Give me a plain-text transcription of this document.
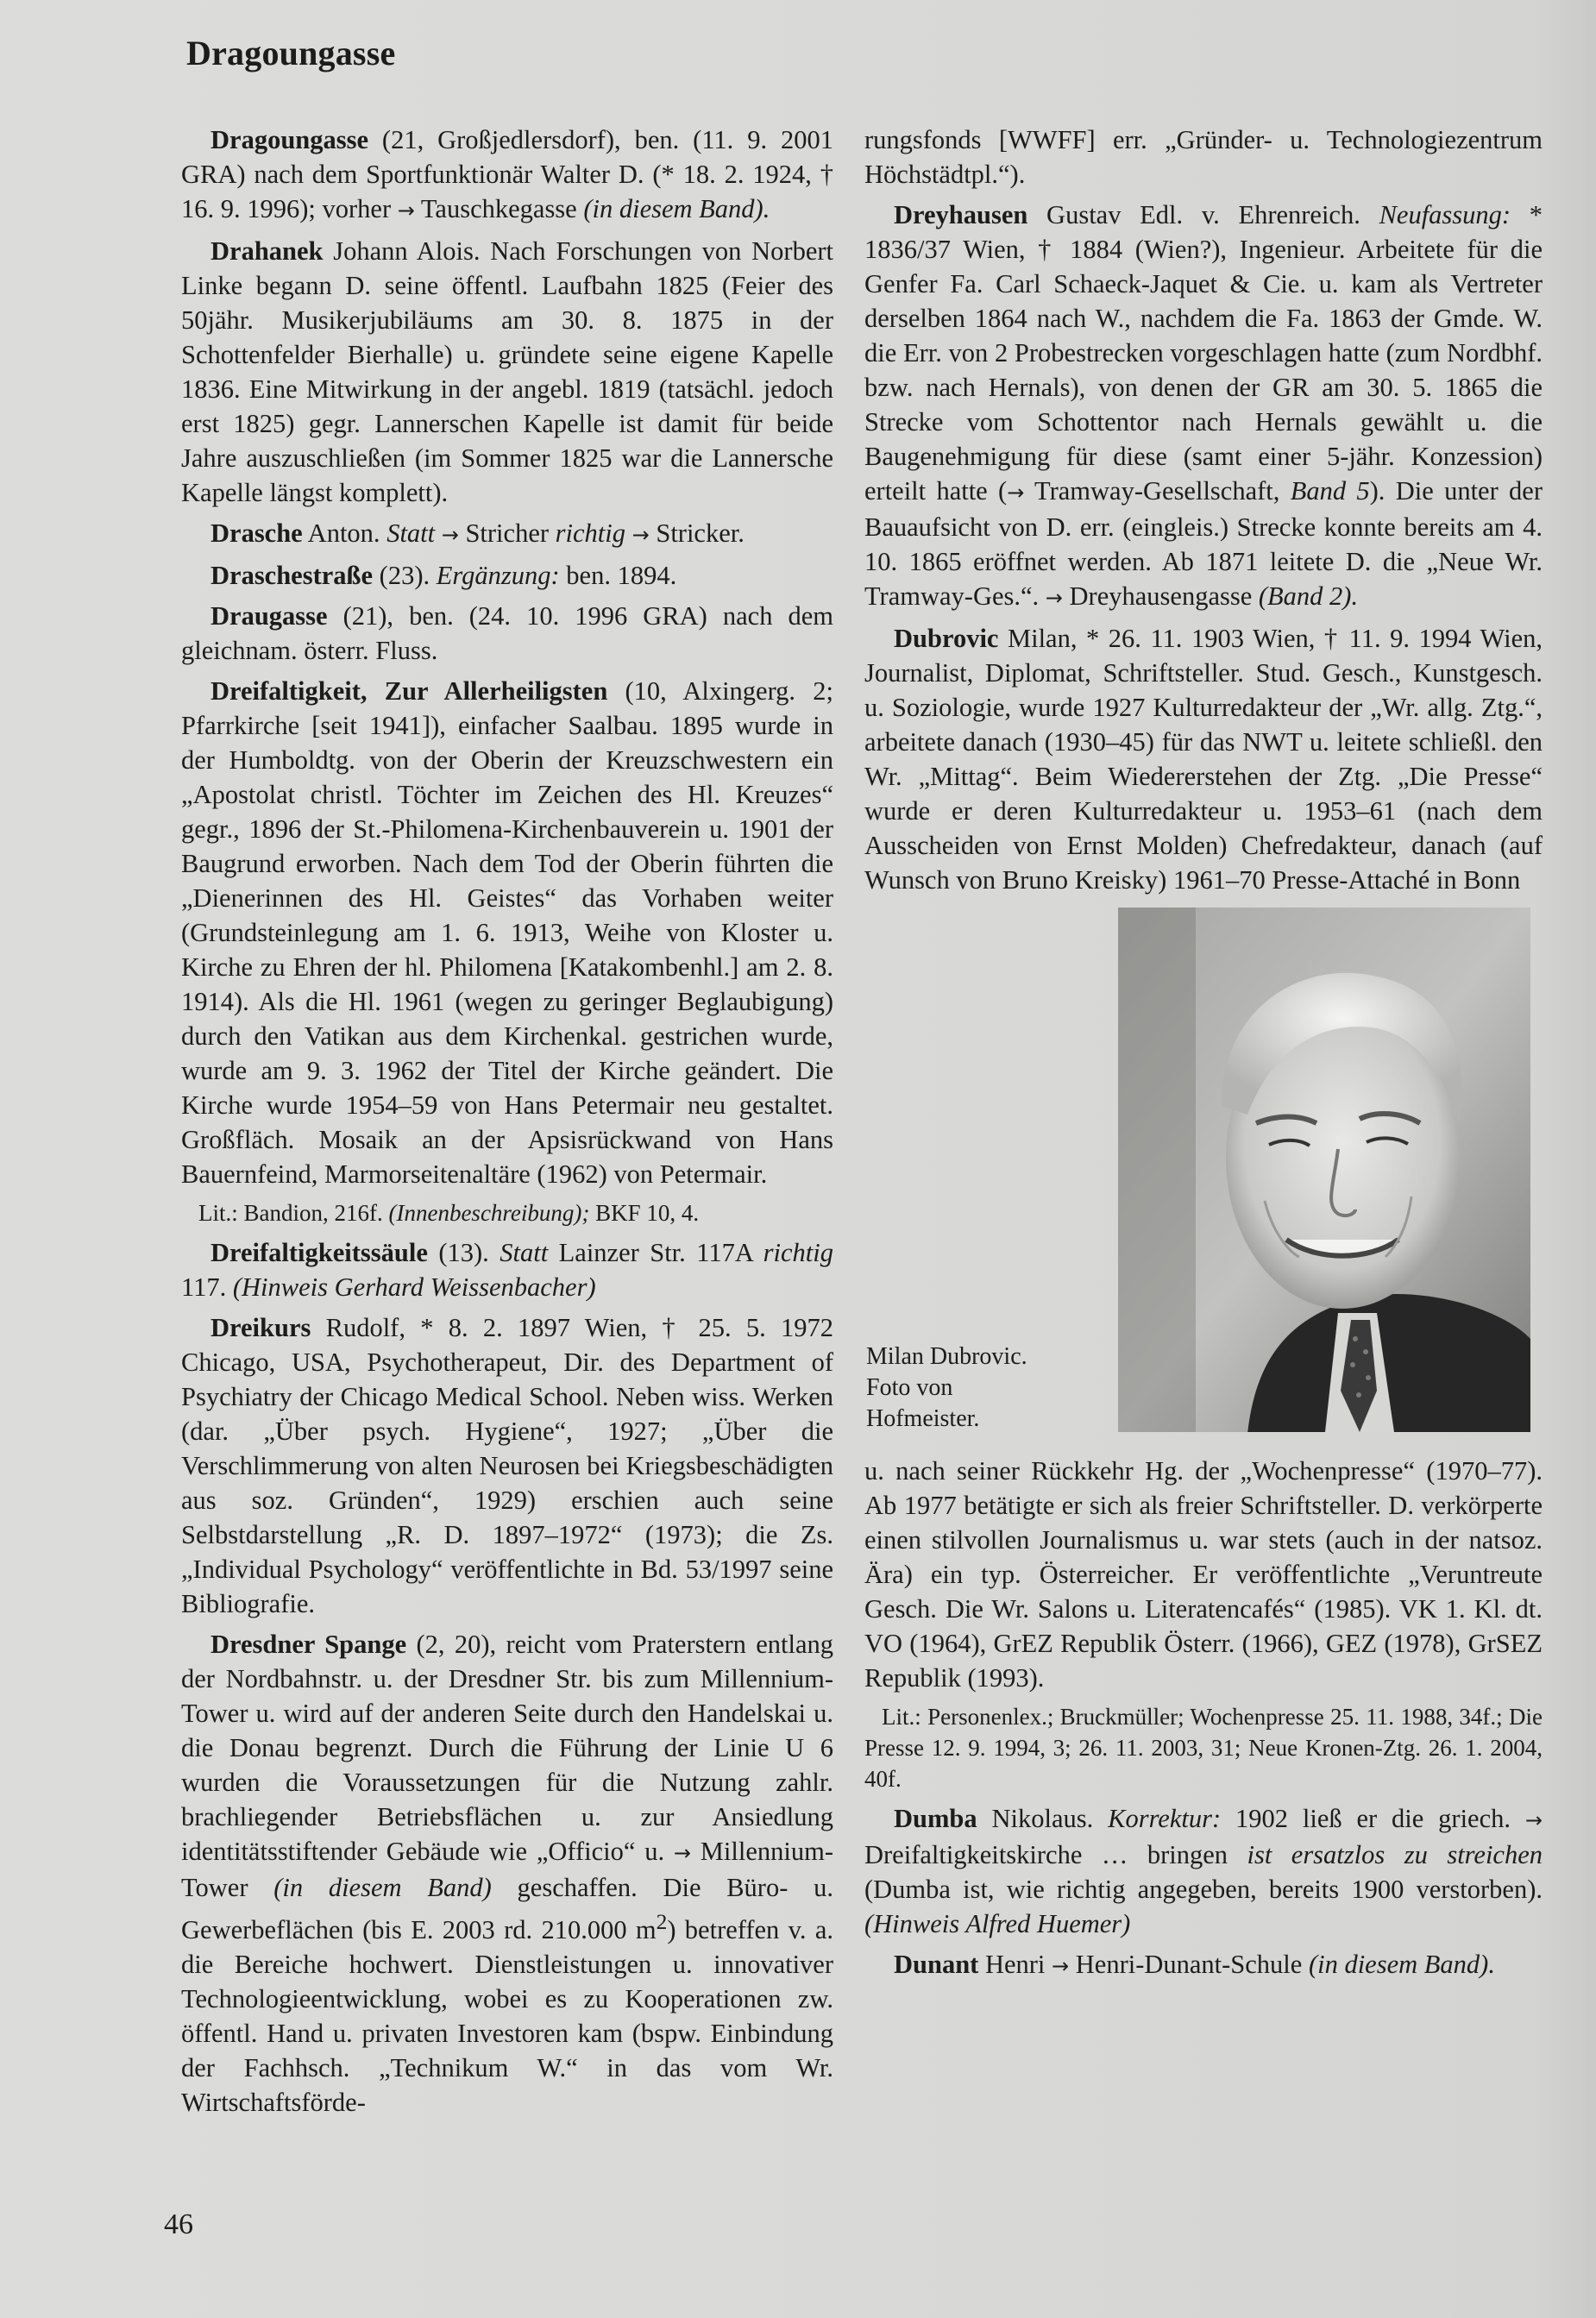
Dragoungasse

Dragoungasse (21, Großjedlersdorf), ben. (11. 9. 2001 GRA) nach dem Sportfunktionär Walter D. (* 18. 2. 1924, † 16. 9. 1996); vorher → Tauschkegasse (in diesem Band).

Drahanek Johann Alois. Nach Forschungen von Norbert Linke begann D. seine öffentl. Laufbahn 1825 (Feier des 50jähr. Musikerjubiläums am 30. 8. 1875 in der Schottenfelder Bierhalle) u. gründete seine eigene Kapelle 1836. Eine Mitwirkung in der angebl. 1819 (tatsächl. jedoch erst 1825) gegr. Lannerschen Kapelle ist damit für beide Jahre auszuschließen (im Sommer 1825 war die Lannersche Kapelle längst komplett).

Drasche Anton. Statt → Stricher richtig → Stricker.

Draschestraße (23). Ergänzung: ben. 1894.

Draugasse (21), ben. (24. 10. 1996 GRA) nach dem gleichnam. österr. Fluss.

Dreifaltigkeit, Zur Allerheiligsten (10, Alxingerg. 2; Pfarrkirche [seit 1941]), einfacher Saalbau. 1895 wurde in der Humboldtg. von der Oberin der Kreuzschwestern ein „Apostolat christl. Töchter im Zeichen des Hl. Kreuzes“ gegr., 1896 der St.-Philomena-Kirchenbauverein u. 1901 der Baugrund erworben. Nach dem Tod der Oberin führten die „Dienerinnen des Hl. Geistes“ das Vorhaben weiter (Grundsteinlegung am 1. 6. 1913, Weihe von Kloster u. Kirche zu Ehren der hl. Philomena [Katakombenhl.] am 2. 8. 1914). Als die Hl. 1961 (wegen zu geringer Beglaubigung) durch den Vatikan aus dem Kirchenkal. gestrichen wurde, wurde am 9. 3. 1962 der Titel der Kirche geändert. Die Kirche wurde 1954–59 von Hans Petermair neu gestaltet. Großfläch. Mosaik an der Apsisrückwand von Hans Bauernfeind, Marmorseitenaltäre (1962) von Petermair.

Lit.: Bandion, 216f. (Innenbeschreibung); BKF 10, 4.

Dreifaltigkeitssäule (13). Statt Lainzer Str. 117A richtig 117. (Hinweis Gerhard Weissenbacher)

Dreikurs Rudolf, * 8. 2. 1897 Wien, † 25. 5. 1972 Chicago, USA, Psychotherapeut, Dir. des Department of Psychiatry der Chicago Medical School. Neben wiss. Werken (dar. „Über psych. Hygiene“, 1927; „Über die Verschlimmerung von alten Neurosen bei Kriegsbeschädigten aus soz. Gründen“, 1929) erschien auch seine Selbstdarstellung „R. D. 1897–1972“ (1973); die Zs. „Individual Psychology“ veröffentlichte in Bd. 53/1997 seine Bibliografie.

Dresdner Spange (2, 20), reicht vom Praterstern entlang der Nordbahnstr. u. der Dresdner Str. bis zum Millennium-Tower u. wird auf der anderen Seite durch den Handelskai u. die Donau begrenzt. Durch die Führung der Linie U 6 wurden die Voraussetzungen für die Nutzung zahlr. brachliegender Betriebsflächen u. zur Ansiedlung identitätsstiftender Gebäude wie „Officio“ u. → Millennium-Tower (in diesem Band) geschaffen. Die Büro- u. Gewerbeflächen (bis E. 2003 rd. 210.000 $m^2$) betreffen v. a. die Bereiche hochwert. Dienstleistungen u. innovativer Technologieentwicklung, wobei es zu Kooperationen zw. öffentl. Hand u. privaten Investoren kam (bspw. Einbindung der Fachhsch. „Technikum W.“ in das vom Wr. Wirtschaftsförde-

rungsfonds [WWFF] err. „Gründer- u. Technologiezentrum Höchstädtpl.“).

Dreyhausen Gustav Edl. v. Ehrenreich. Neufassung: * 1836/37 Wien, † 1884 (Wien?), Ingenieur. Arbeitete für die Genfer Fa. Carl Schaeck-Jaquet & Cie. u. kam als Vertreter derselben 1864 nach W., nachdem die Fa. 1863 der Gmde. W. die Err. von 2 Probestrecken vorgeschlagen hatte (zum Nordbhf. bzw. nach Hernals), von denen der GR am 30. 5. 1865 die Strecke vom Schottentor nach Hernals gewählt u. die Baugenehmigung für diese (samt einer 5-jähr. Konzession) erteilt hatte (→ Tramway-Gesellschaft, Band 5). Die unter der Bauaufsicht von D. err. (eingleis.) Strecke konnte bereits am 4. 10. 1865 eröffnet werden. Ab 1871 leitete D. die „Neue Wr. Tramway-Ges.“. → Dreyhausengasse (Band 2).

Dubrovic Milan, * 26. 11. 1903 Wien, † 11. 9. 1994 Wien, Journalist, Diplomat, Schriftsteller. Stud. Gesch., Kunstgesch. u. Soziologie, wurde 1927 Kulturredakteur der „Wr. allg. Ztg.“, arbeitete danach (1930–45) für das NWT u. leitete schließl. den Wr. „Mittag“. Beim Wiedererstehen der Ztg. „Die Presse“ wurde er deren Kulturredakteur u. 1953–61 (nach dem Ausscheiden von Ernst Molden) Chefredakteur, danach (auf Wunsch von Bruno Kreisky) 1961–70 Presse-Attaché in Bonn

Milan Dubrovic.
Foto von
Hofmeister.

u. nach seiner Rückkehr Hg. der „Wochenpresse“ (1970–77). Ab 1977 betätigte er sich als freier Schriftsteller. D. verkörperte einen stilvollen Journalismus u. war stets (auch in der natsoz. Ära) ein typ. Österreicher. Er veröffentlichte „Veruntreute Gesch. Die Wr. Salons u. Literatencafés“ (1985). VK 1. Kl. dt. VO (1964), GrEZ Republik Österr. (1966), GEZ (1978), GrSEZ Republik (1993).

Lit.: Personenlex.; Bruckmüller; Wochenpresse 25. 11. 1988, 34f.; Die Presse 12. 9. 1994, 3; 26. 11. 2003, 31; Neue Kronen-Ztg. 26. 1. 2004, 40f.

Dumba Nikolaus. Korrektur: 1902 ließ er die griech. → Dreifaltigkeitskirche … bringen ist ersatzlos zu streichen (Dumba ist, wie richtig angegeben, bereits 1900 verstorben). (Hinweis Alfred Huemer)

Dunant Henri → Henri-Dunant-Schule (in diesem Band).

46
